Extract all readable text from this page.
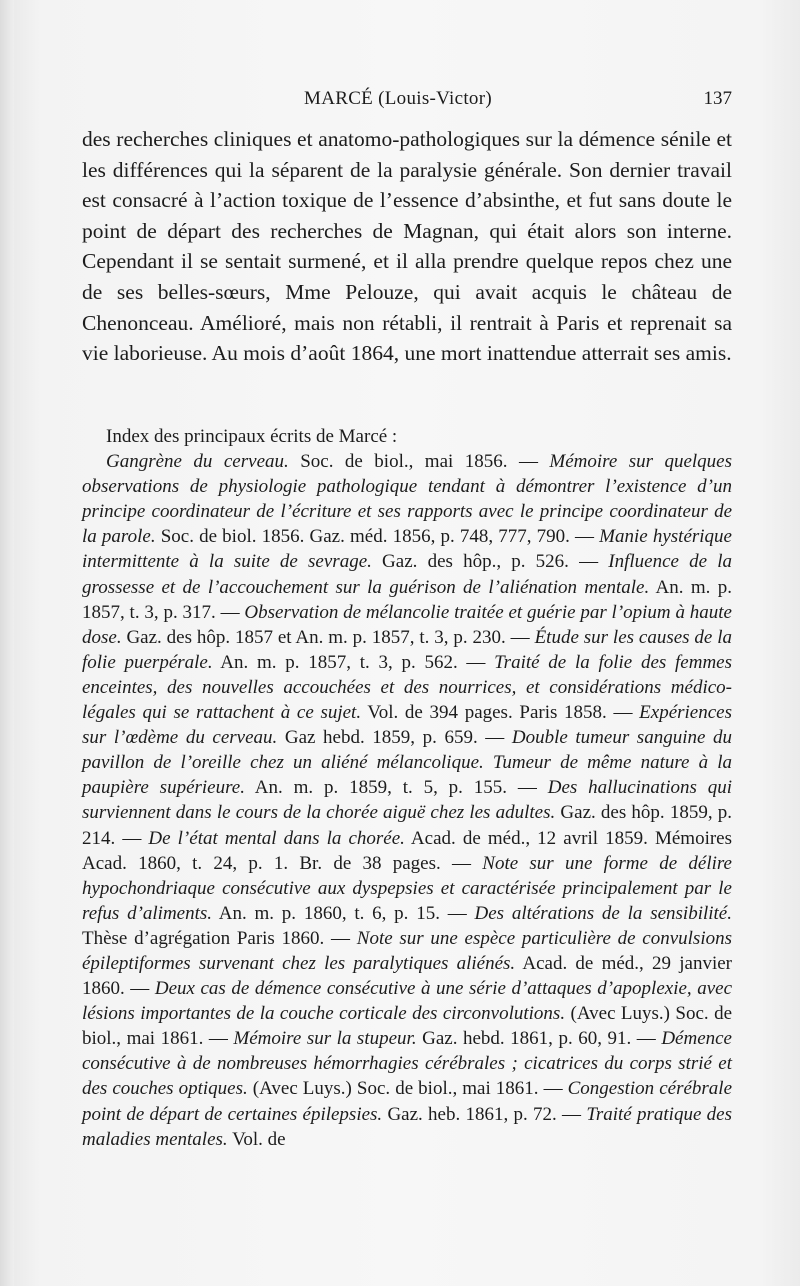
MARCÉ (Louis-Victor)	137

des recherches cliniques et anatomo-pathologiques sur la démence sénile et les différences qui la séparent de la paralysie générale. Son dernier travail est consacré à l’action toxique de l’essence d’absinthe, et fut sans doute le point de départ des recherches de Magnan, qui était alors son interne. Cependant il se sentait surmené, et il alla prendre quelque repos chez une de ses belles-sœurs, Mme Pelouze, qui avait acquis le château de Chenonceau. Amélioré, mais non rétabli, il rentrait à Paris et reprenait sa vie laborieuse. Au mois d’août 1864, une mort inattendue atterrait ses amis.

Index des principaux écrits de Marcé :

Gangrène du cerveau. Soc. de biol., mai 1856. — Mémoire sur quelques observations de physiologie pathologique tendant à démontrer l’existence d’un principe coordinateur de l’écriture et ses rapports avec le principe coordinateur de la parole. Soc. de biol. 1856. Gaz. méd. 1856, p. 748, 777, 790. — Manie hystérique intermittente à la suite de sevrage. Gaz. des hôp., p. 526. — Influence de la grossesse et de l’accouchement sur la guérison de l’aliénation mentale. An. m. p. 1857, t. 3, p. 317. — Observation de mélancolie traitée et guérie par l’opium à haute dose. Gaz. des hôp. 1857 et An. m. p. 1857, t. 3, p. 230. — Étude sur les causes de la folie puerpérale. An. m. p. 1857, t. 3, p. 562. — Traité de la folie des femmes enceintes, des nouvelles accouchées et des nourrices, et considérations médico-légales qui se rattachent à ce sujet. Vol. de 394 pages. Paris 1858. — Expériences sur l’œdème du cerveau. Gaz hebd. 1859, p. 659. — Double tumeur sanguine du pavillon de l’oreille chez un aliéné mélancolique. Tumeur de même nature à la paupière supérieure. An. m. p. 1859, t. 5, p. 155. — Des hallucinations qui surviennent dans le cours de la chorée aiguë chez les adultes. Gaz. des hôp. 1859, p. 214. — De l’état mental dans la chorée. Acad. de méd., 12 avril 1859. Mémoires Acad. 1860, t. 24, p. 1. Br. de 38 pages. — Note sur une forme de délire hypochondriaque consécutive aux dyspepsies et caractérisée principalement par le refus d’aliments. An. m. p. 1860, t. 6, p. 15. — Des altérations de la sensibilité. Thèse d’agrégation Paris 1860. — Note sur une espèce particulière de convulsions épileptiformes survenant chez les paralytiques aliénés. Acad. de méd., 29 janvier 1860. — Deux cas de démence consécutive à une série d’attaques d’apoplexie, avec lésions importantes de la couche corticale des circonvolutions. (Avec Luys.) Soc. de biol., mai 1861. — Mémoire sur la stupeur. Gaz. hebd. 1861, p. 60, 91. — Démence consécutive à de nombreuses hémorrhagies cérébrales ; cicatrices du corps strié et des couches optiques. (Avec Luys.) Soc. de biol., mai 1861. — Congestion cérébrale point de départ de certaines épilepsies. Gaz. heb. 1861, p. 72. — Traité pratique des maladies mentales. Vol. de
